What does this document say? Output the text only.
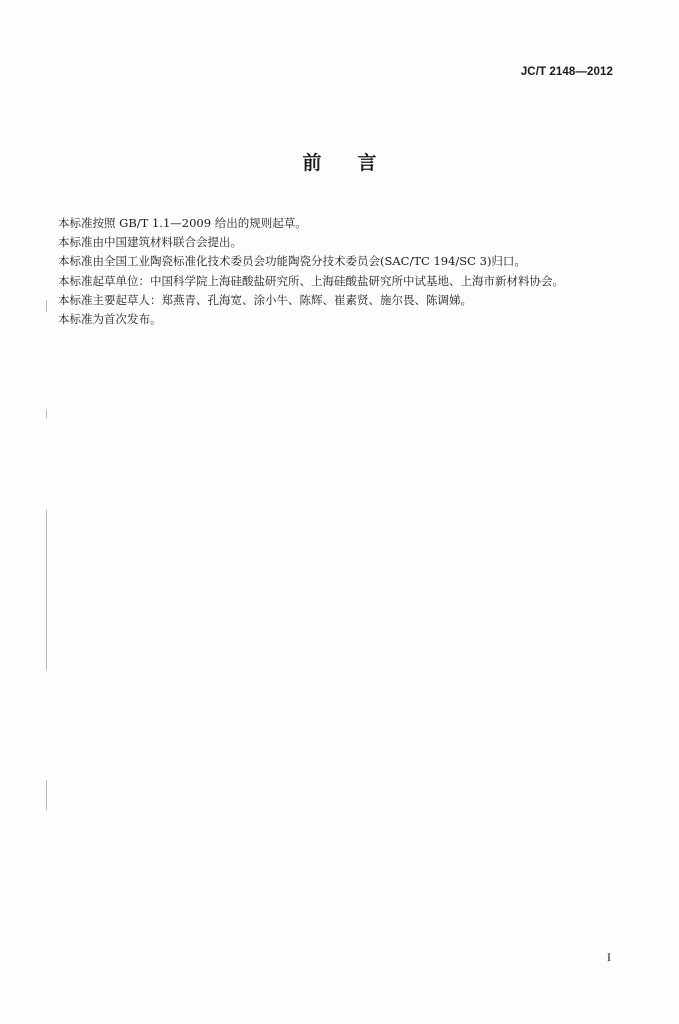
JC/T 2148—2012
前言
本标准按照 GB/T 1.1—2009 给出的规则起草。
本标准由中国建筑材料联合会提出。
本标准由全国工业陶瓷标准化技术委员会功能陶瓷分技术委员会(SAC/TC 194/SC 3)归口。
本标准起草单位：中国科学院上海硅酸盐研究所、上海硅酸盐研究所中试基地、上海市新材料协会。
本标准主要起草人：郑燕青、孔海宽、涂小牛、陈辉、崔素贤、施尔畏、陈调娣。
本标准为首次发布。
I
